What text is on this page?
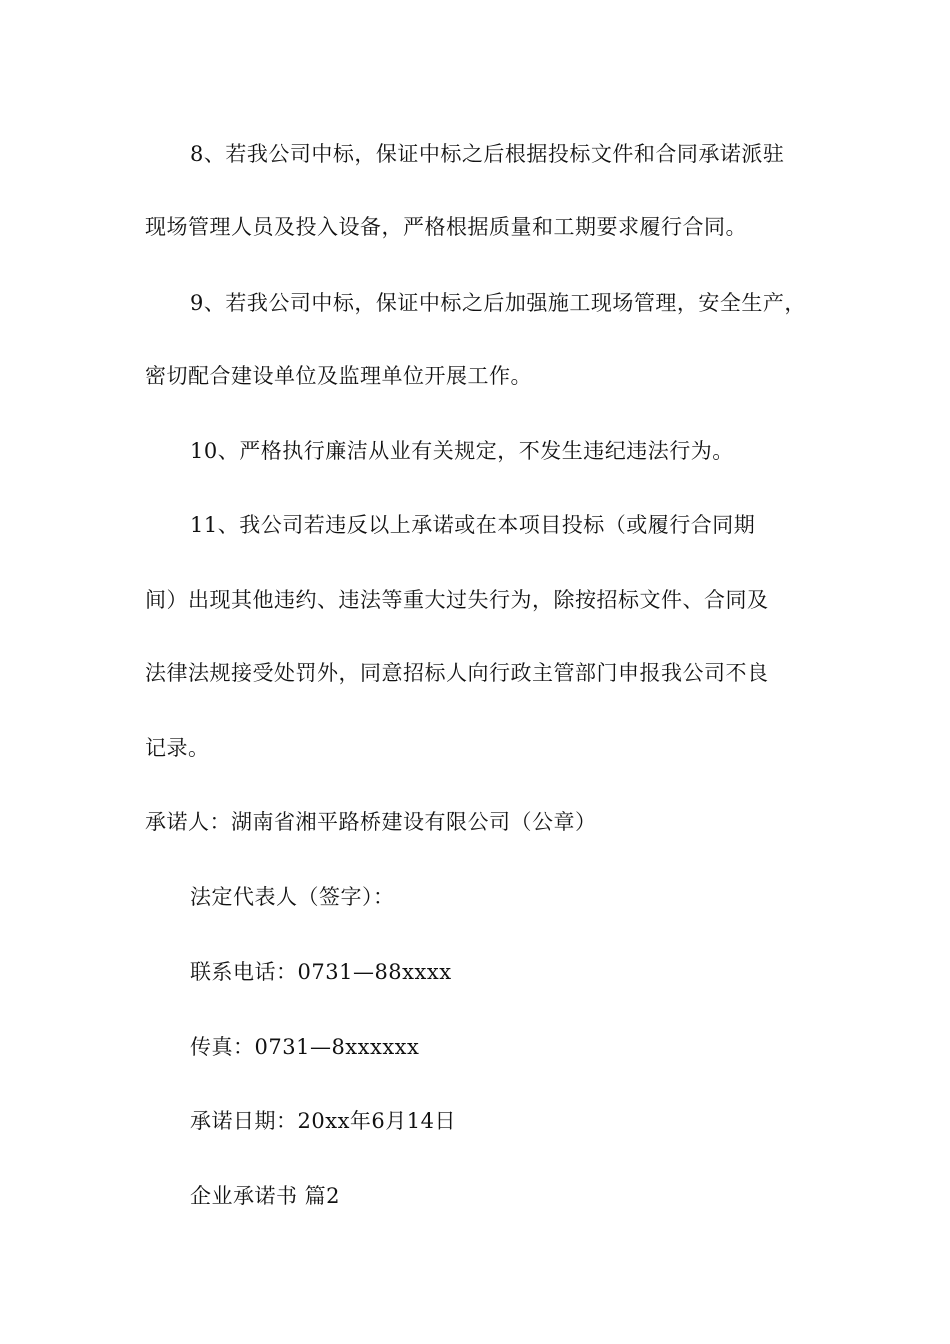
8、若我公司中标，保证中标之后根据投标文件和合同承诺派驻
现场管理人员及投入设备，严格根据质量和工期要求履行合同。
9、若我公司中标，保证中标之后加强施工现场管理，安全生产，
密切配合建设单位及监理单位开展工作。
10、严格执行廉洁从业有关规定，不发生违纪违法行为。
11、我公司若违反以上承诺或在本项目投标（或履行合同期
间）出现其他违约、违法等重大过失行为，除按招标文件、合同及
法律法规接受处罚外，同意招标人向行政主管部门申报我公司不良
记录。
承诺人：湖南省湘平路桥建设有限公司（公章）
法定代表人（签字）：
联系电话：0731—88xxxx
传真：0731—8xxxxxx
承诺日期：20xx年6月14日
企业承诺书 篇2
